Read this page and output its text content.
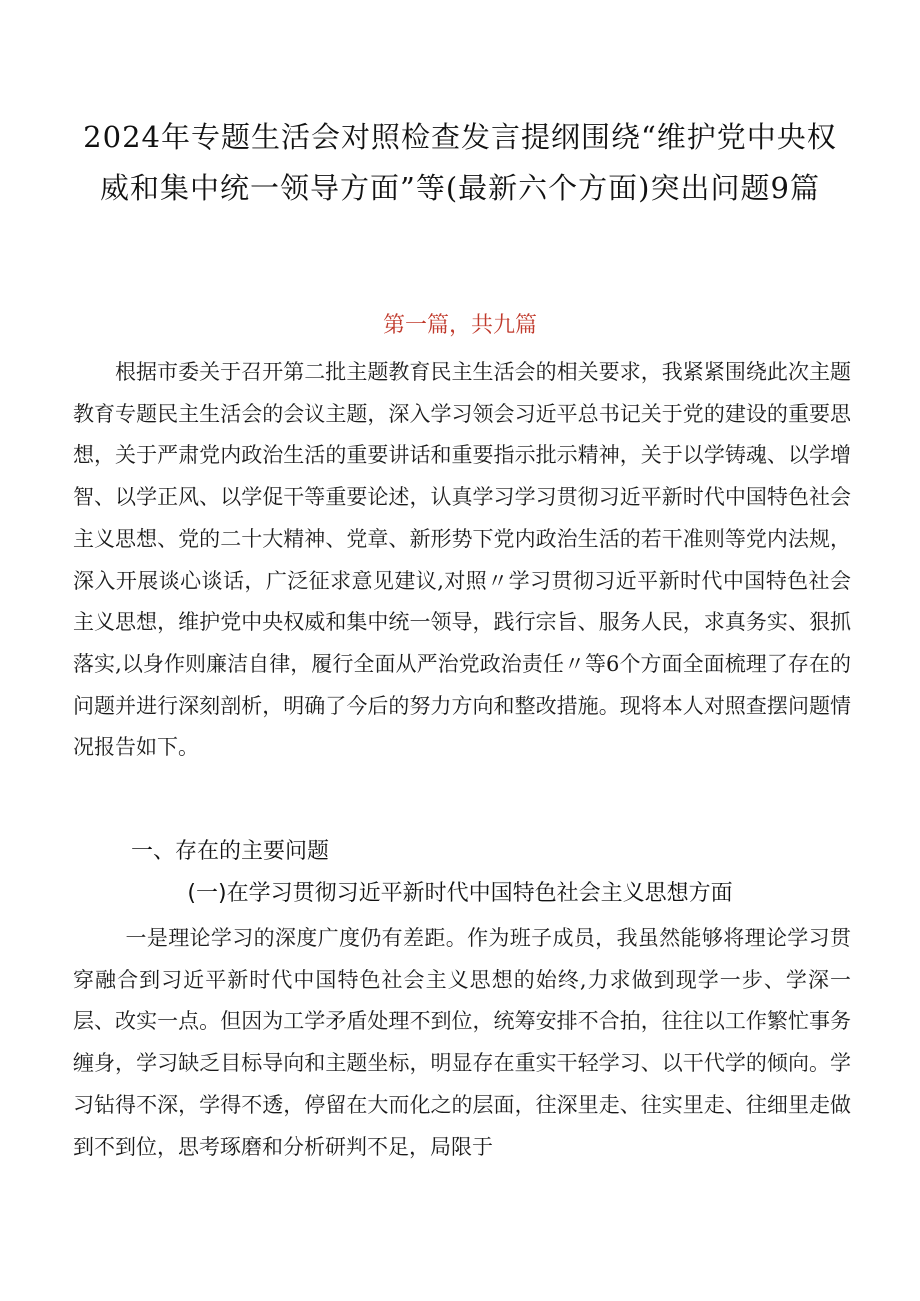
2024年专题生活会对照检查发言提纲围绕“维护党中央权威和集中统一领导方面”等(最新六个方面)突出问题9篇

第一篇，共九篇

根据市委关于召开第二批主题教育民主生活会的相关要求，我紧紧围绕此次主题教育专题民主生活会的会议主题，深入学习领会习近平总书记关于党的建设的重要思想，关于严肃党内政治生活的重要讲话和重要指示批示精神，关于以学铸魂、以学增智、以学正风、以学促干等重要论述，认真学习学习贯彻习近平新时代中国特色社会主义思想、党的二十大精神、党章、新形势下党内政治生活的若干准则等党内法规，深入开展谈心谈话，广泛征求意见建议,对照〃学习贯彻习近平新时代中国特色社会主义思想，维护党中央权威和集中统一领导，践行宗旨、服务人民，求真务实、狠抓落实,以身作则廉洁自律，履行全面从严治党政治责任〃等6个方面全面梳理了存在的问题并进行深刻剖析，明确了今后的努力方向和整改措施。现将本人对照查摆问题情况报告如下。

一、存在的主要问题
(一)在学习贯彻习近平新时代中国特色社会主义思想方面

一是理论学习的深度广度仍有差距。作为班子成员，我虽然能够将理论学习贯穿融合到习近平新时代中国特色社会主义思想的始终,力求做到现学一步、学深一层、改实一点。但因为工学矛盾处理不到位，统筹安排不合拍，往往以工作繁忙事务缠身，学习缺乏目标导向和主题坐标，明显存在重实干轻学习、以干代学的倾向。学习钻得不深，学得不透，停留在大而化之的层面，往深里走、往实里走、往细里走做到不到位，思考琢磨和分析研判不足，局限于
